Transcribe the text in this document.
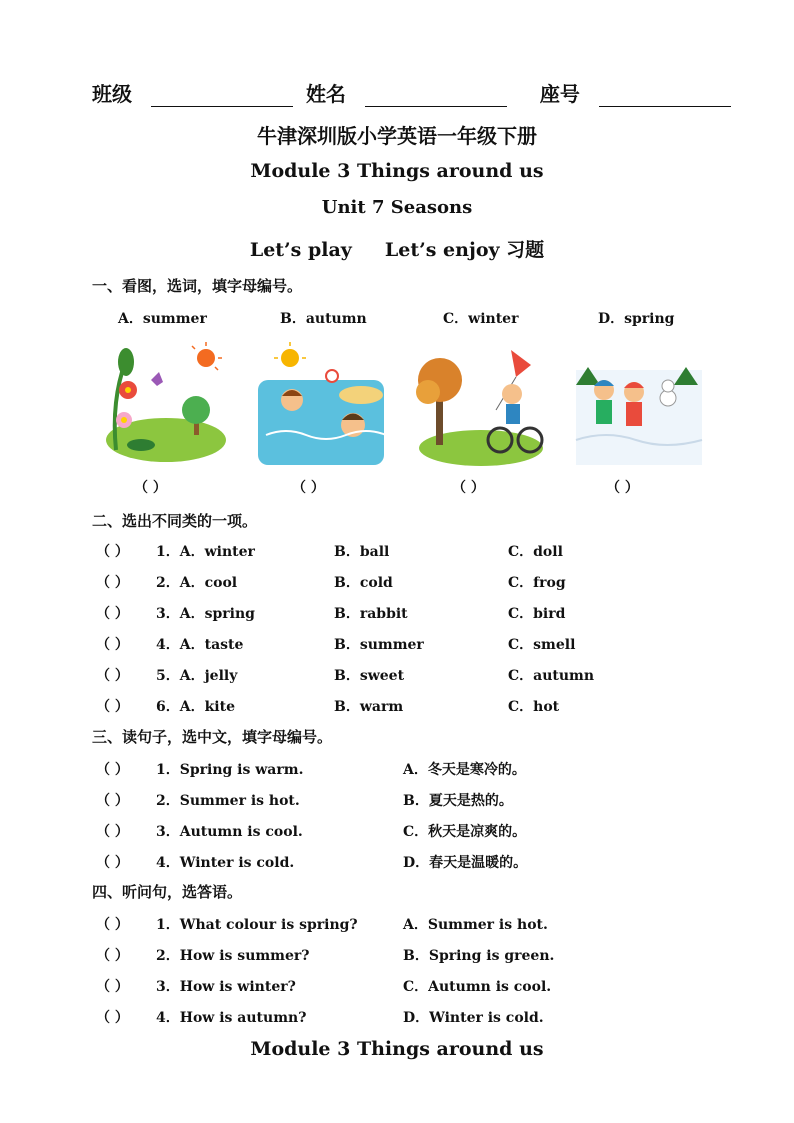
班级	姓名	座号
牛津深圳版小学英语一年级下册
Module 3 Things around us
Unit 7 Seasons
Let’s play     Let’s enjoy 习题
一、看图，选词，填字母编号。
A．summer	B．autumn	C．winter	D．spring
（ ）	（ ）	（ ）	（ ）
二、选出不同类的一项。
（ ） 1．A．winter	B．ball	C．doll
（ ） 2．A．cool	B．cold	C．frog
（ ） 3．A．spring	B．rabbit	C．bird
（ ） 4．A．taste	B．summer	C．smell
（ ） 5．A．jelly	B．sweet	C．autumn
（ ） 6．A．kite	B．warm	C．hot
三、读句子，选中文，填字母编号。
（ ） 1．Spring is warm.	A．冬天是寒冷的。
（ ） 2．Summer is hot.	B．夏天是热的。
（ ） 3．Autumn is cool.	C．秋天是凉爽的。
（ ） 4．Winter is cold.	D．春天是温暖的。
四、听问句，选答语。
（ ） 1．What colour is spring?	A．Summer is hot.
（ ） 2．How is summer?	B．Spring is green.
（ ） 3．How is winter?	C．Autumn is cool.
（ ） 4．How is autumn?	D．Winter is cold.
Module 3 Things around us
